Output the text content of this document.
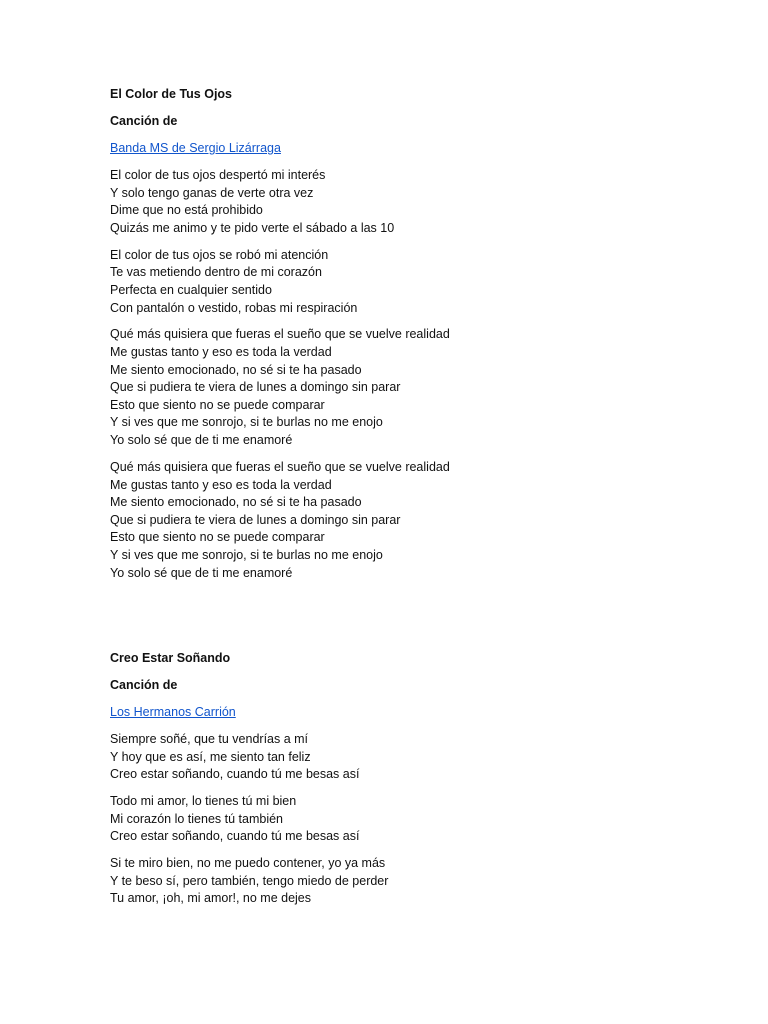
El Color de Tus Ojos
Canción de
Banda MS de Sergio Lizárraga
El color de tus ojos despertó mi interés
Y solo tengo ganas de verte otra vez
Dime que no está prohibido
Quizás me animo y te pido verte el sábado a las 10
El color de tus ojos se robó mi atención
Te vas metiendo dentro de mi corazón
Perfecta en cualquier sentido
Con pantalón o vestido, robas mi respiración
Qué más quisiera que fueras el sueño que se vuelve realidad
Me gustas tanto y eso es toda la verdad
Me siento emocionado, no sé si te ha pasado
Que si pudiera te viera de lunes a domingo sin parar
Esto que siento no se puede comparar
Y si ves que me sonrojo, si te burlas no me enojo
Yo solo sé que de ti me enamoré
Qué más quisiera que fueras el sueño que se vuelve realidad
Me gustas tanto y eso es toda la verdad
Me siento emocionado, no sé si te ha pasado
Que si pudiera te viera de lunes a domingo sin parar
Esto que siento no se puede comparar
Y si ves que me sonrojo, si te burlas no me enojo
Yo solo sé que de ti me enamoré
Creo Estar Soñando
Canción de
Los Hermanos Carrión
Siempre soñé, que tu vendrías a mí
Y hoy que es así, me siento tan feliz
Creo estar soñando, cuando tú me besas así
Todo mi amor, lo tienes tú mi bien
Mi corazón lo tienes tú también
Creo estar soñando, cuando tú me besas así
Si te miro bien, no me puedo contener, yo ya más
Y te beso sí, pero también, tengo miedo de perder
Tu amor, ¡oh, mi amor!, no me dejes
